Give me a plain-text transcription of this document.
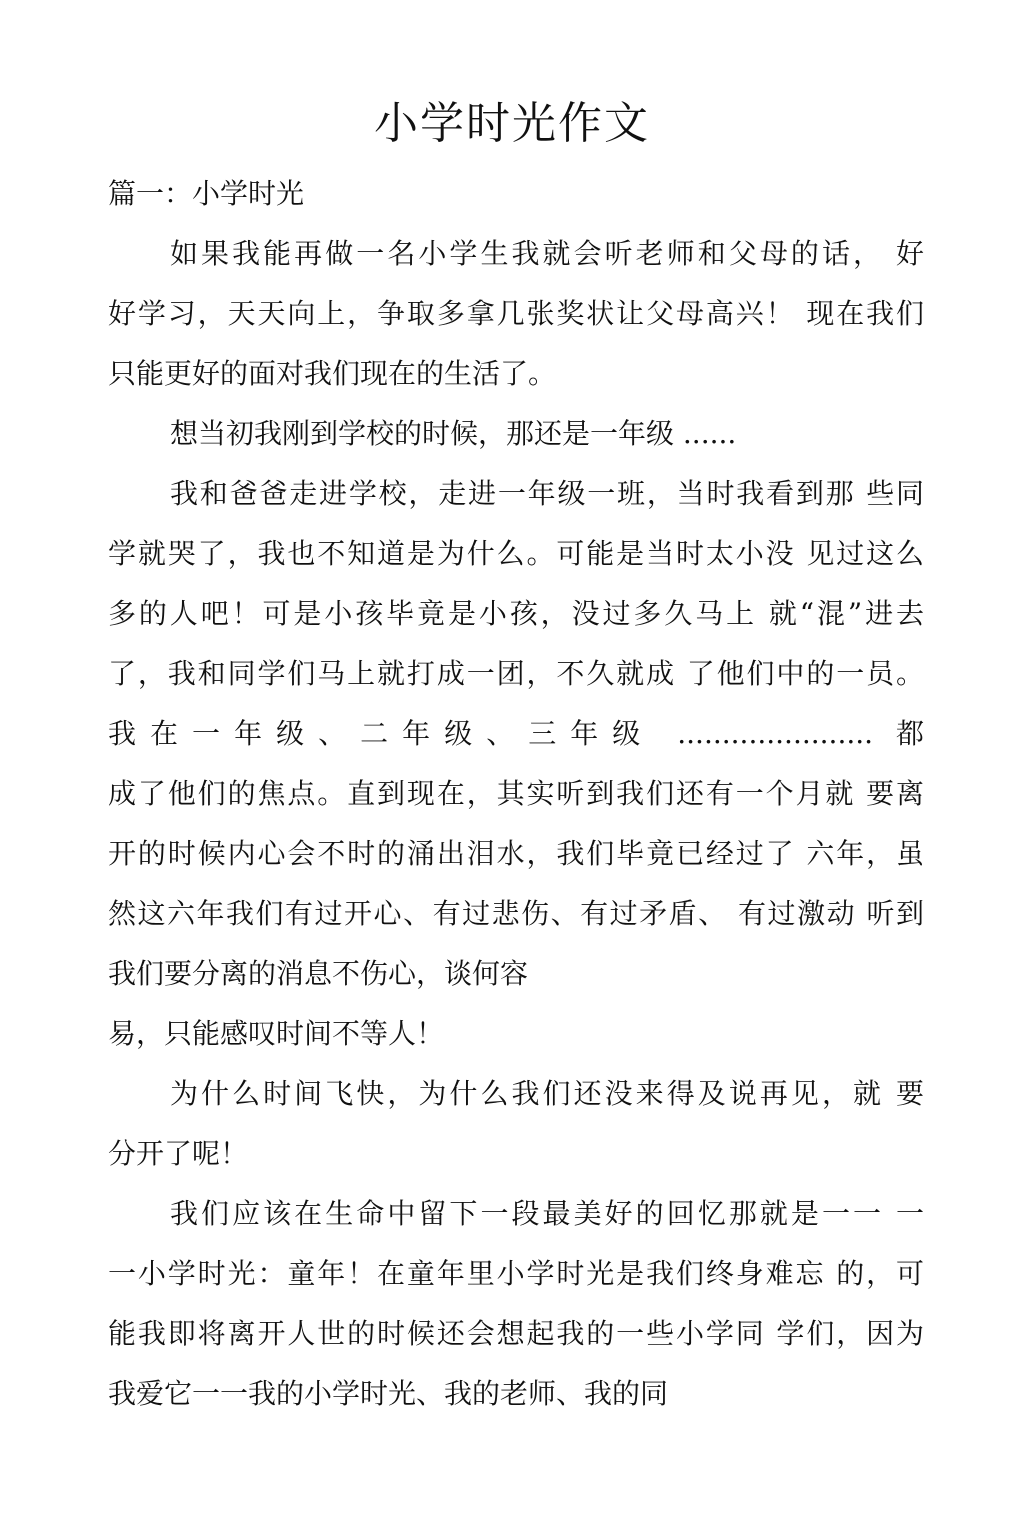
小学时光作文

篇一：小学时光

如果我能再做一名小学生我就会听老师和父母的话， 好

好学习，天天向上，争取多拿几张奖状让父母高兴！ 现在我们

只能更好的面对我们现在的生活了。

想当初我刚到学校的时候，那还是一年级 ......

我和爸爸走进学校，走进一年级一班，当时我看到那 些同

学就哭了，我也不知道是为什么。可能是当时太小没 见过这么

多的人吧！可是小孩毕竟是小孩，没过多久马上 就“混”进去

了，我和同学们马上就打成一团，不久就成 了他们中的一员。

我在一年级、二年级、三年级 ...................... 都

成了他们的焦点。直到现在，其实听到我们还有一个月就 要离

开的时候内心会不时的涌出泪水，我们毕竟已经过了 六年，虽

然这六年我们有过开心、有过悲伤、有过矛盾、 有过激动 听到

我们要分离的消息不伤心，谈何容

易，只能感叹时间不等人！

为什么时间飞快，为什么我们还没来得及说再见，就 要

分开了呢！

我们应该在生命中留下一段最美好的回忆那就是一一 一

一小学时光：童年！在童年里小学时光是我们终身难忘 的，可

能我即将离开人世的时候还会想起我的一些小学同 学们，因为

我爱它一一我的小学时光、我的老师、我的同
